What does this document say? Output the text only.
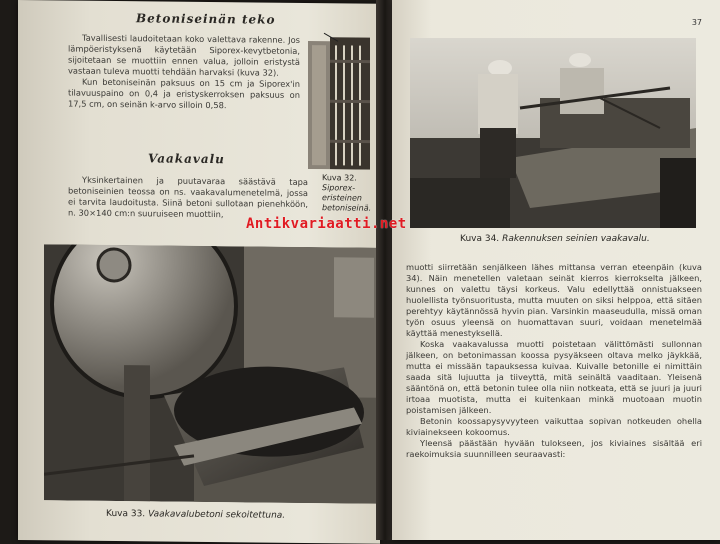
Betoniseinän teko

Tavallisesti laudoitetaan koko valettava rakenne. Jos lämpöeristyksenä käytetään Siporex-kevytbetonia, sijoitetaan se muottiin ennen valua, jolloin eristystä vastaan tuleva muotti tehdään harvaksi (kuva 32).

Kun betoniseinän paksuus on 15 cm ja Siporex'in tilavuuspaino on 0,4 ja eristyskerroksen paksuus on 17,5 cm, on seinän k-arvo silloin 0,58.

Kuva 32.
Siporex-eristeinen betoniseinä.
Vaakavalu

Yksinkertainen ja puutavaraa säästävä tapa betoniseinien teossa on ns. vaakavalumenetelmä, jossa ei tarvita laudoitusta. Siinä betoni sullotaan pienehköön, n. 30×140 cm:n suuruiseen muottiin,

Kuva 33. Vaakavalubetoni sekoitettuna.
37
Kuva 34. Rakennuksen seinien vaakavalu.

muotti siirretään senjälkeen lähes mittansa verran eteenpäin (kuva 34). Näin menetellen valetaan seinät kierros kierrokselta jälkeen, kunnes on valettu täysi korkeus. Valu edellyttää onnistuakseen huolellista työnsuoritusta, mutta muuten on siksi helppoa, että sitäen perehtyy käytännössä hyvin pian. Varsinkin maaseudulla, missä oman työn osuus yleensä on huomattavan suuri, voidaan menetelmää käyttää menestyksellä.

Koska vaakavalussa muotti poistetaan välittömästi sullonnan jälkeen, on betonimassan koossa pysyäkseen oltava melko jäykkää, mutta ei missään tapauksessa kuivaa. Kuivalle betonille ei nimittäin saada sitä lujuutta ja tiiveyttä, mitä seinältä vaaditaan. Yleisenä sääntönä on, että betonin tulee olla niin notkeata, että se juuri ja juuri irtoaa muotista, mutta ei kuitenkaan minkä muotoaan muotin poistamisen jälkeen.

Betonin koossapysyvyyteen vaikuttaa sopivan notkeuden ohella kiviainekseen kokoomus.

Yleensä päästään hyvään tulokseen, jos kiviaines sisältää eri raekoimuksia suunnilleen seuraavasti:

Antikvariaatti.net
